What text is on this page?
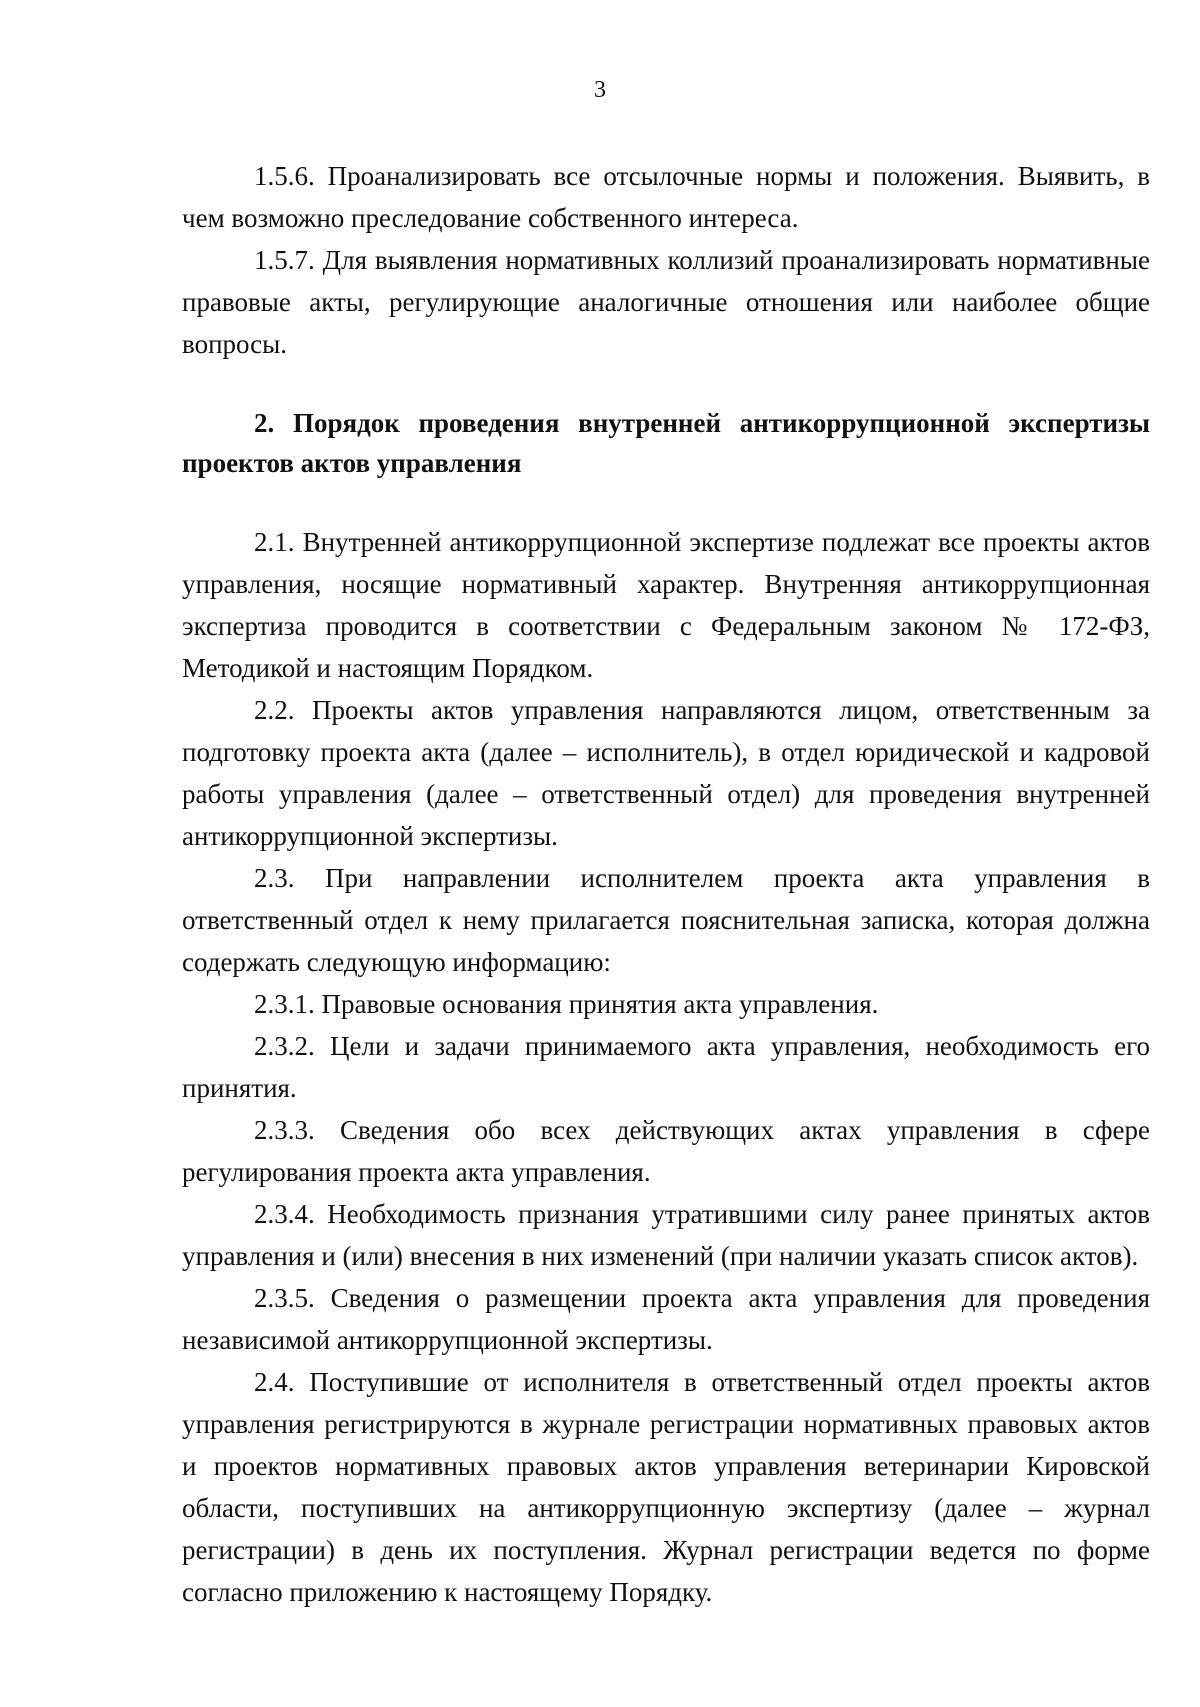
3

1.5.6. Проанализировать все отсылочные нормы и положения. Выявить, в чем возможно преследование собственного интереса.

1.5.7. Для выявления нормативных коллизий проанализировать нормативные правовые акты, регулирующие аналогичные отношения или наиболее общие вопросы.

2. Порядок проведения внутренней антикоррупционной экспертизы проектов актов управления

2.1. Внутренней антикоррупционной экспертизе подлежат все проекты актов управления, носящие нормативный характер. Внутренняя антикоррупционная экспертиза проводится в соответствии с Федеральным законом № 172-ФЗ, Методикой и настоящим Порядком.

2.2. Проекты актов управления направляются лицом, ответственным за подготовку проекта акта (далее – исполнитель), в отдел юридической и кадровой работы управления (далее – ответственный отдел) для проведения внутренней антикоррупционной экспертизы.

2.3. При направлении исполнителем проекта акта управления в ответственный отдел к нему прилагается пояснительная записка, которая должна содержать следующую информацию:

2.3.1. Правовые основания принятия акта управления.

2.3.2. Цели и задачи принимаемого акта управления, необходимость его принятия.

2.3.3. Сведения обо всех действующих актах управления в сфере регулирования проекта акта управления.

2.3.4. Необходимость признания утратившими силу ранее принятых актов управления и (или) внесения в них изменений (при наличии указать список актов).

2.3.5. Сведения о размещении проекта акта управления для проведения независимой антикоррупционной экспертизы.

2.4. Поступившие от исполнителя в ответственный отдел проекты актов управления регистрируются в журнале регистрации нормативных правовых актов и проектов нормативных правовых актов управления ветеринарии Кировской области, поступивших на антикоррупционную экспертизу (далее – журнал регистрации) в день их поступления. Журнал регистрации ведется по форме согласно приложению к настоящему Порядку.
